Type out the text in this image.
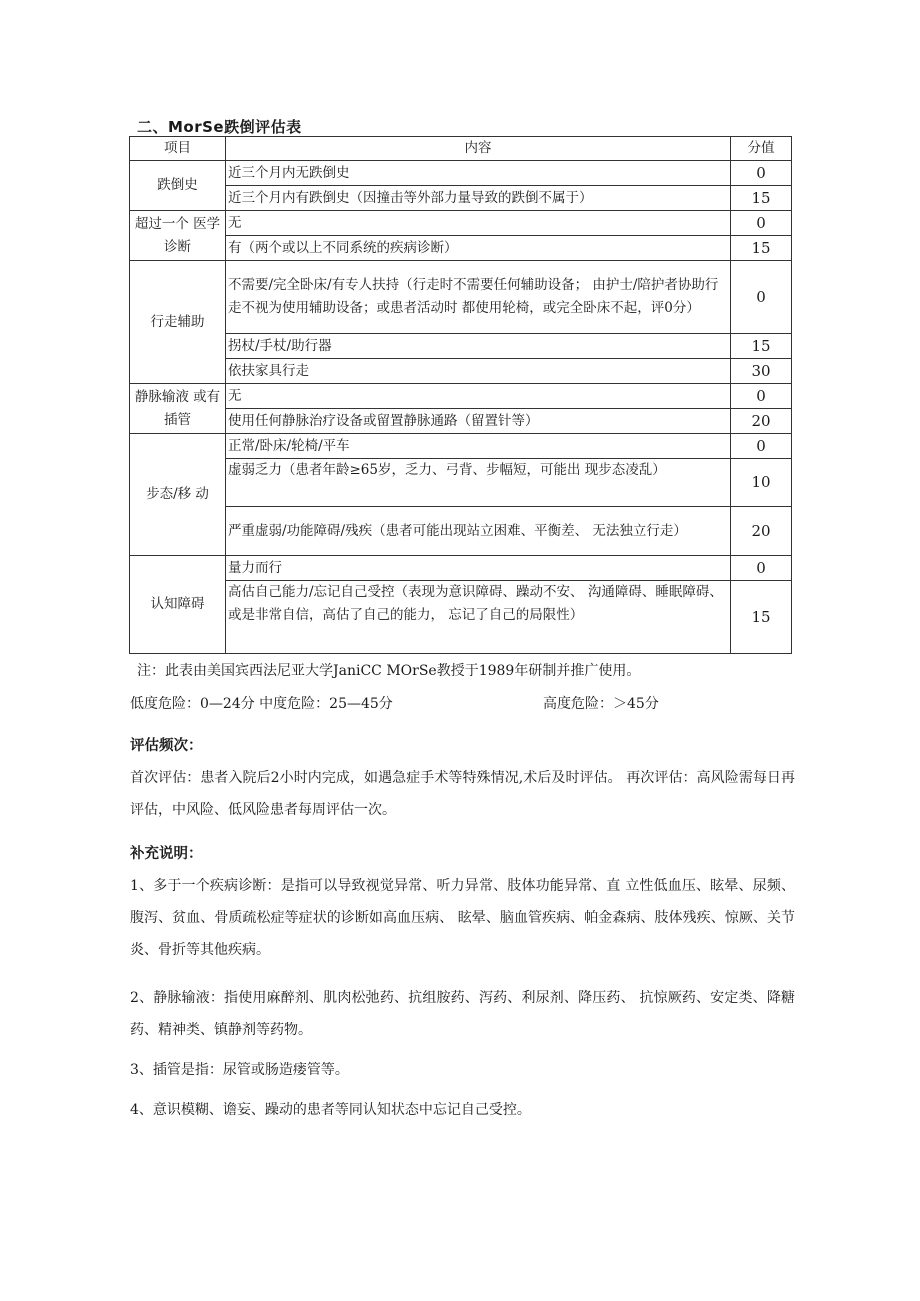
二、MorSe跌倒评估表
项目	内容	分值
跌倒史	近三个月内无跌倒史	0
	近三个月内有跌倒史（因撞击等外部力量导致的跌倒不属于）	15
超过一个 医学诊断	无	0
	有（两个或以上不同系统的疾病诊断）	15
行走辅助	不需要/完全卧床/有专人扶持（行走时不需要任何辅助设备； 由护士/陪护者协助行走不视为使用辅助设备；或患者活动时 都使用轮椅，或完全卧床不起，评0分）	0
	拐杖/手杖/助行器	15
	依扶家具行走	30
静脉输液 或有插管	无	0
	使用任何静脉治疗设备或留置静脉通路（留置针等）	20
步态/移 动	正常/卧床/轮椅/平车	0
	虚弱乏力（患者年龄≥65岁，乏力、弓背、步幅短，可能出 现步态凌乱）	10
	严重虚弱/功能障碍/残疾（患者可能出现站立困难、平衡差、 无法独立行走）	20
认知障碍	量力而行	0
	高估自己能力/忘记自己受控（表现为意识障碍、躁动不安、 沟通障碍、睡眠障碍、或是非常自信，高估了自己的能力， 忘记了自己的局限性）	15
注：此表由美国宾西法尼亚大学JaniCC MOrSe教授于1989年研制并推广使用。
低度危险：0—24分 中度危险：25—45分	高度危险：＞45分
评估频次：
首次评估：患者入院后2小时内完成，如遇急症手术等特殊情况,术后及时评估。 再次评估：高风险需每日再评估，中风险、低风险患者每周评估一次。
补充说明：
1、多于一个疾病诊断：是指可以导致视觉异常、听力异常、肢体功能异常、直 立性低血压、眩晕、尿频、腹泻、贫血、骨质疏松症等症状的诊断如高血压病、 眩晕、脑血管疾病、帕金森病、肢体残疾、惊厥、关节炎、骨折等其他疾病。
2、静脉输液：指使用麻醉剂、肌肉松弛药、抗组胺药、泻药、利尿剂、降压药、 抗惊厥药、安定类、降糖药、精神类、镇静剂等药物。
3、插管是指：尿管或肠造瘘管等。
4、意识模糊、谵妄、躁动的患者等同认知状态中忘记自己受控。
